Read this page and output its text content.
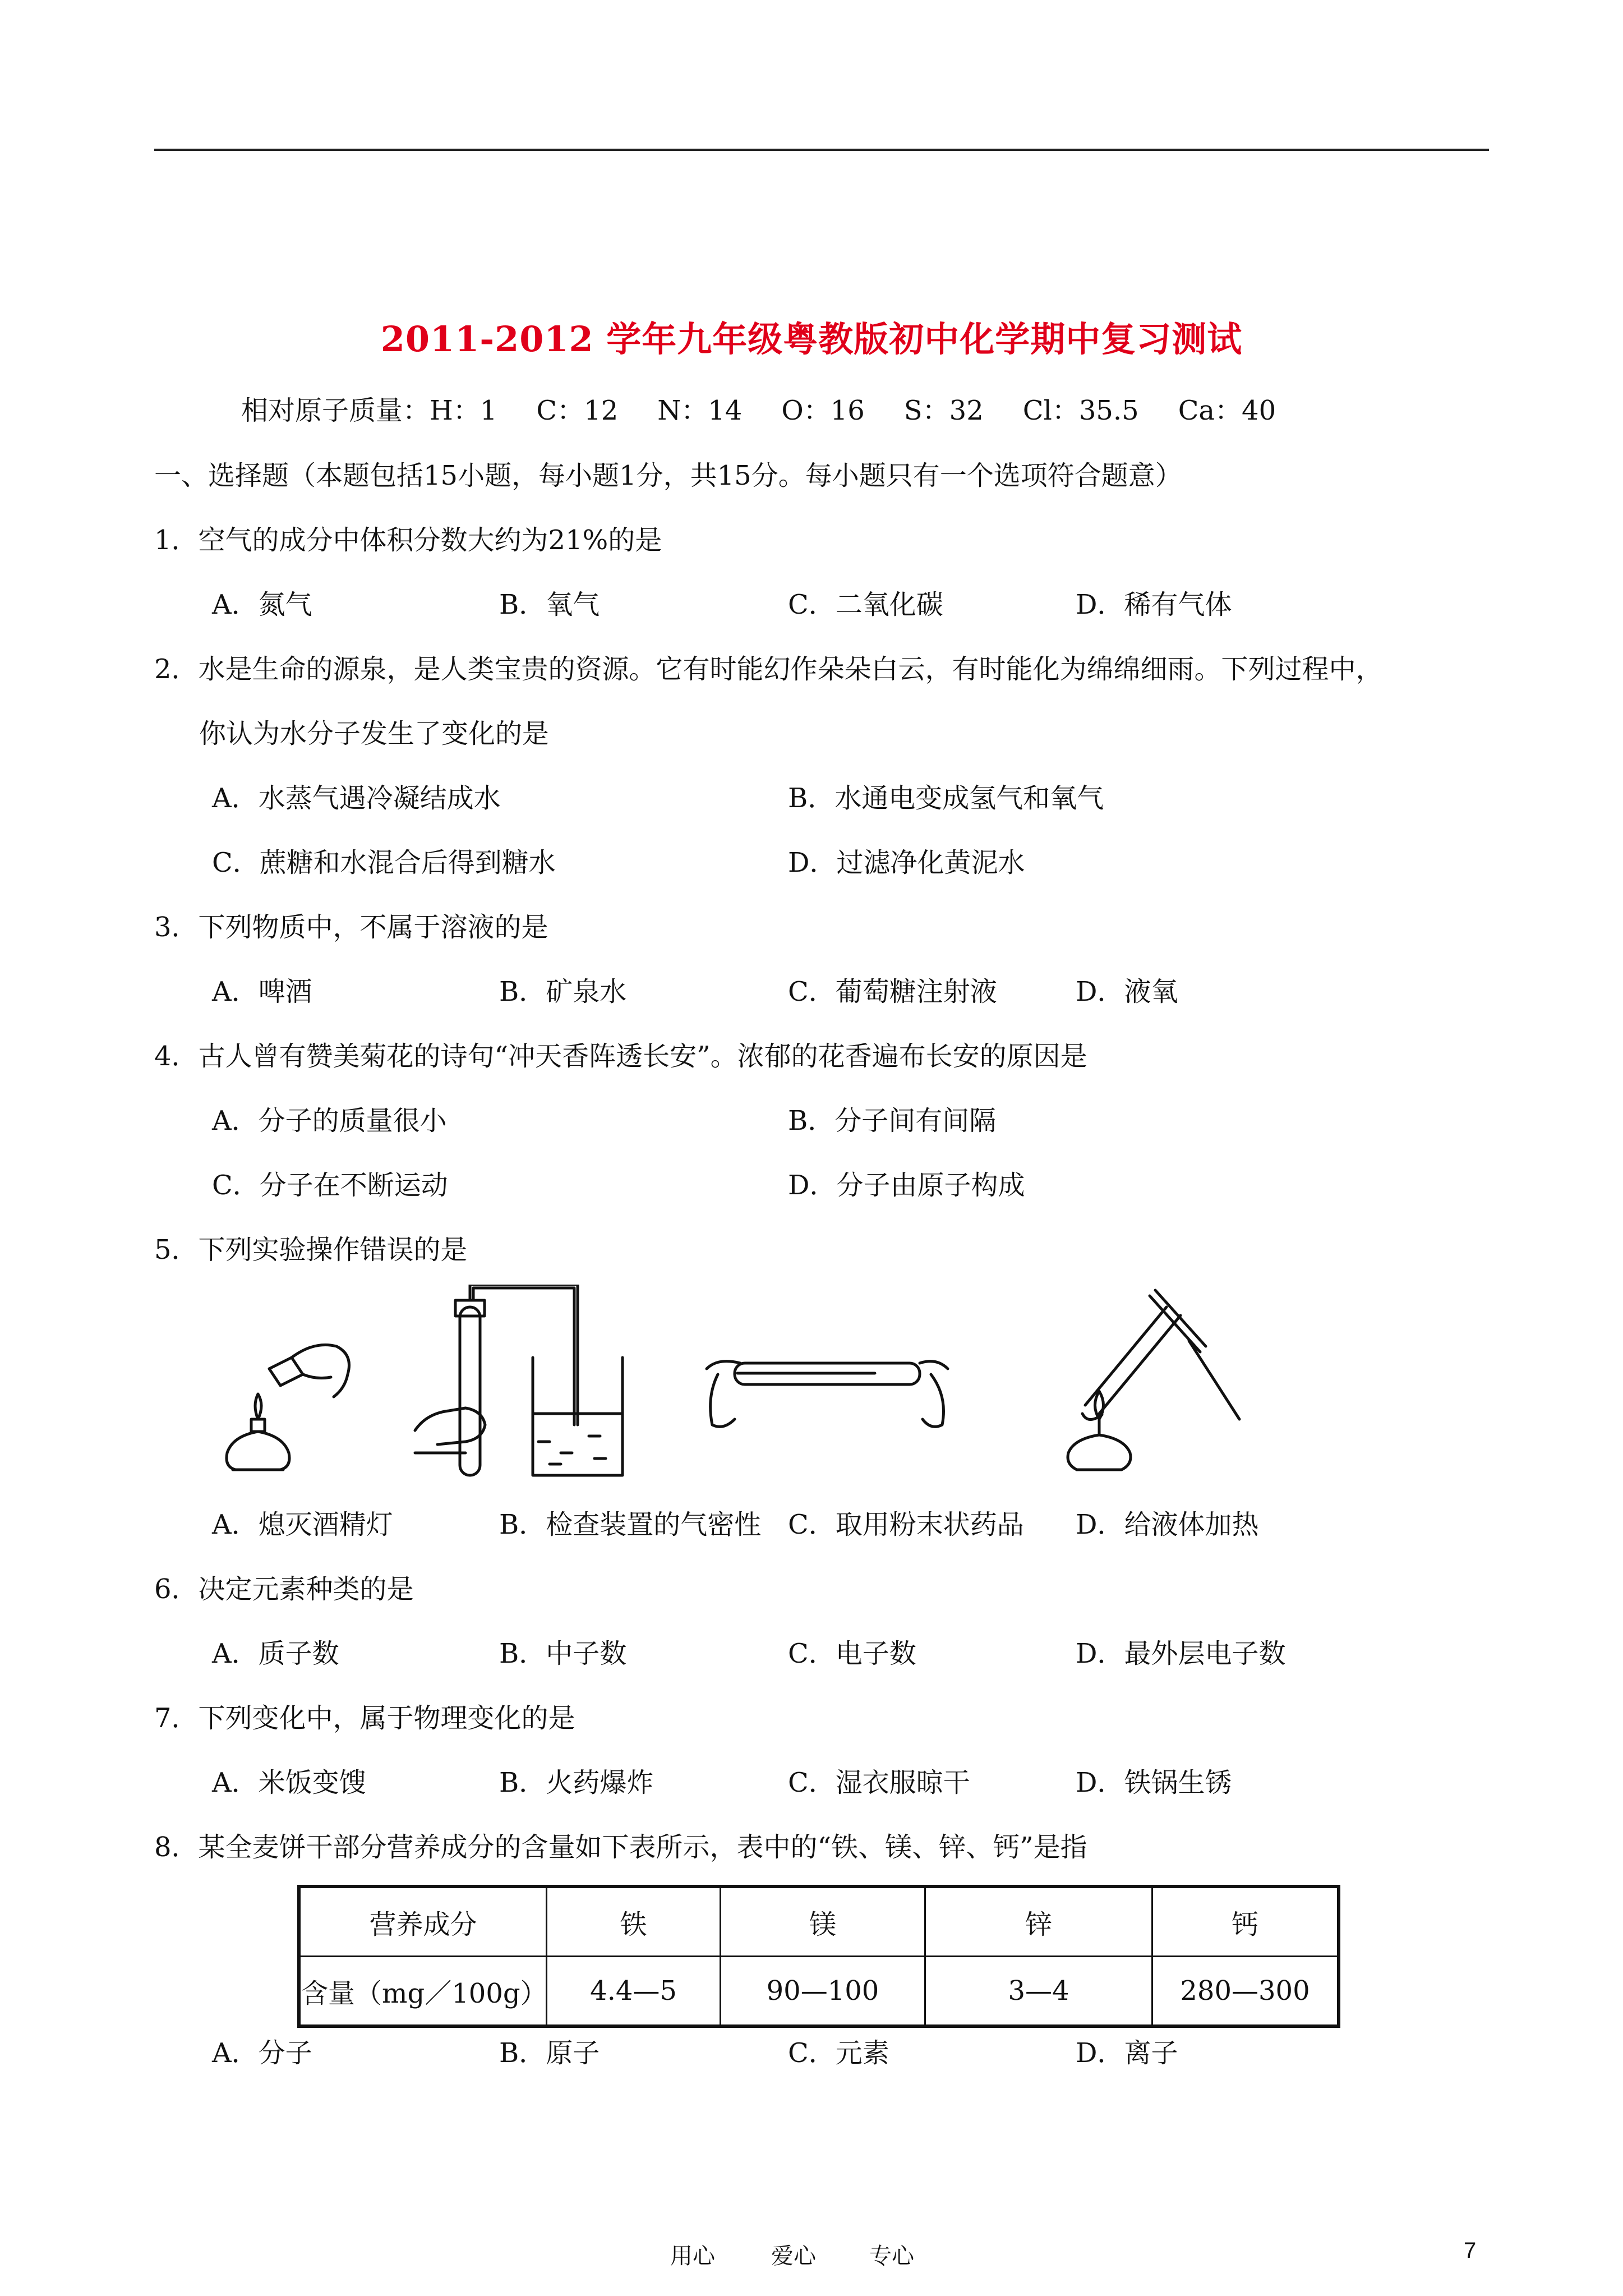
2011-2012 学年九年级粤教版初中化学期中复习测试
相对原子质量：H：1 C：12 N：14 O：16 S：32 Cl：35.5 Ca：40
一、选择题（本题包括15小题，每小题1分，共15分。每小题只有一个选项符合题意）
1．空气的成分中体积分数大约为21%的是
A．氮气	B．氧气	C．二氧化碳	D．稀有气体
2．水是生命的源泉，是人类宝贵的资源。它有时能幻作朵朵白云，有时能化为绵绵细雨。下列过程中，
你认为水分子发生了变化的是
A．水蒸气遇冷凝结成水	B．水通电变成氢气和氧气
C．蔗糖和水混合后得到糖水	D．过滤净化黄泥水
3．下列物质中，不属于溶液的是
A．啤酒	B．矿泉水	C．葡萄糖注射液	D．液氧
4．古人曾有赞美菊花的诗句“冲天香阵透长安”。浓郁的花香遍布长安的原因是
A．分子的质量很小	B．分子间有间隔
C．分子在不断运动	D．分子由原子构成
5．下列实验操作错误的是
A．熄灭酒精灯	B．检查装置的气密性 C．取用粉末状药品 D．给液体加热
6．决定元素种类的是
A．质子数	B．中子数	C．电子数	D．最外层电子数
7．下列变化中，属于物理变化的是
A．米饭变馊	B．火药爆炸	C．湿衣服晾干	D．铁锅生锈
8．某全麦饼干部分营养成分的含量如下表所示，表中的“铁、镁、锌、钙”是指
营养成分	铁	镁	锌	钙
含量（mg／100g）	4.4—5	90—100	3—4	280—300
A．分子	B．原子	C．元素	D．离子
用心	爱心 专心	7
